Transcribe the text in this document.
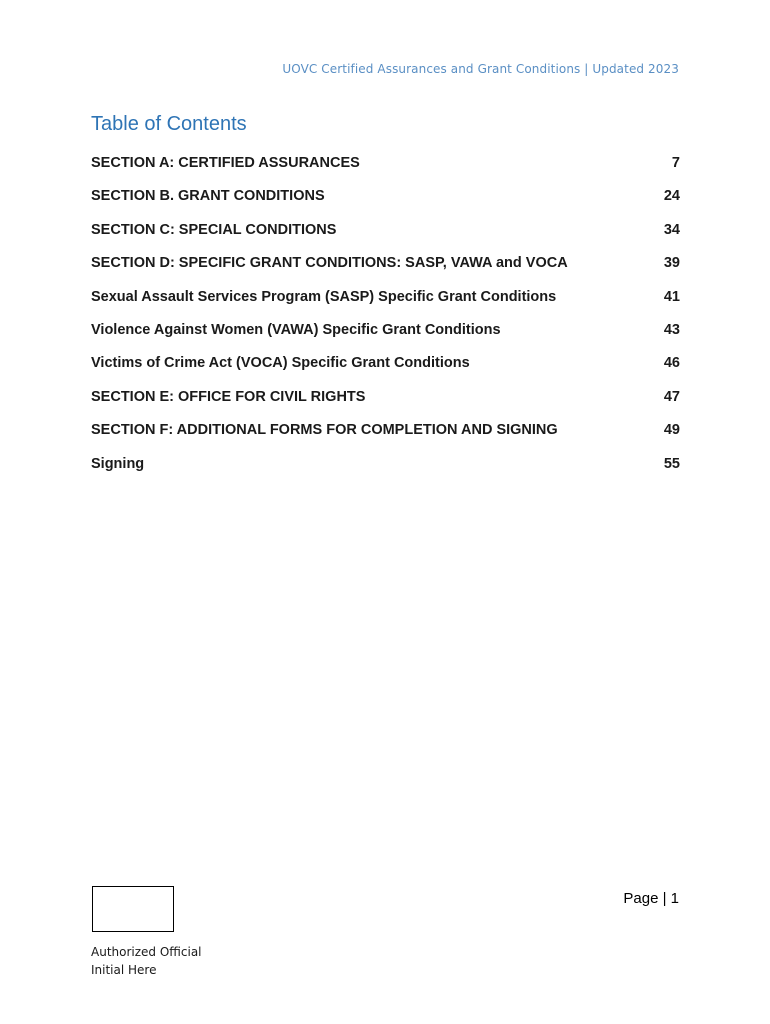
UOVC Certified Assurances and Grant Conditions | Updated 2023
Table of Contents
SECTION A: CERTIFIED ASSURANCES	7
SECTION B. GRANT CONDITIONS	24
SECTION C: SPECIAL CONDITIONS	34
SECTION D: SPECIFIC GRANT CONDITIONS: SASP, VAWA and VOCA	39
Sexual Assault Services Program (SASP) Specific Grant Conditions	41
Violence Against Women (VAWA) Specific Grant Conditions	43
Victims of Crime Act (VOCA) Specific Grant Conditions	46
SECTION E: OFFICE FOR CIVIL RIGHTS	47
SECTION F: ADDITIONAL FORMS FOR COMPLETION AND SIGNING	49
Signing	55
Page | 1
Authorized Official
Initial Here
